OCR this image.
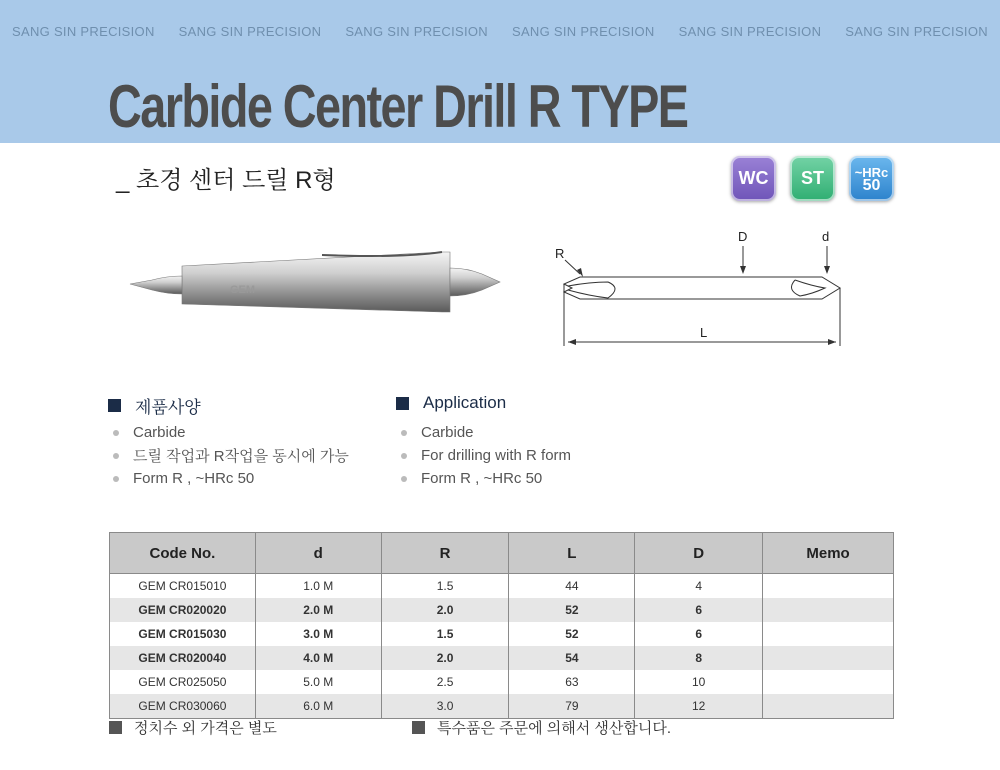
SANG SIN PRECISION SANG SIN PRECISION SANG SIN PRECISION SANG SIN PRECISION SANG SIN PRECISION SANG SIN PRECISION
Carbide Center Drill R TYPE
_ 초경 센터 드릴 R형	WC ST ~HRc
50
GEM
R
D	d
L
제품사양
Carbide
드릴 작업과 R작업을 동시에 가능
Form R , ~HRc 50
Application
Carbide
For drilling with R form
Form R , ~HRc 50
Code No.	d	R	L	D	Memo
GEM CR015010	1.0 M	1.5	44	4	
GEM CR020020	2.0 M	2.0	52	6	
GEM CR015030	3.0 M	1.5	52	6	
GEM CR020040	4.0 M	2.0	54	8	
GEM CR025050	5.0 M	2.5	63	10	
GEM CR030060	6.0 M	3.0	79	12	
정치수 외 가격은 별도	특수품은 주문에 의해서 생산합니다.
